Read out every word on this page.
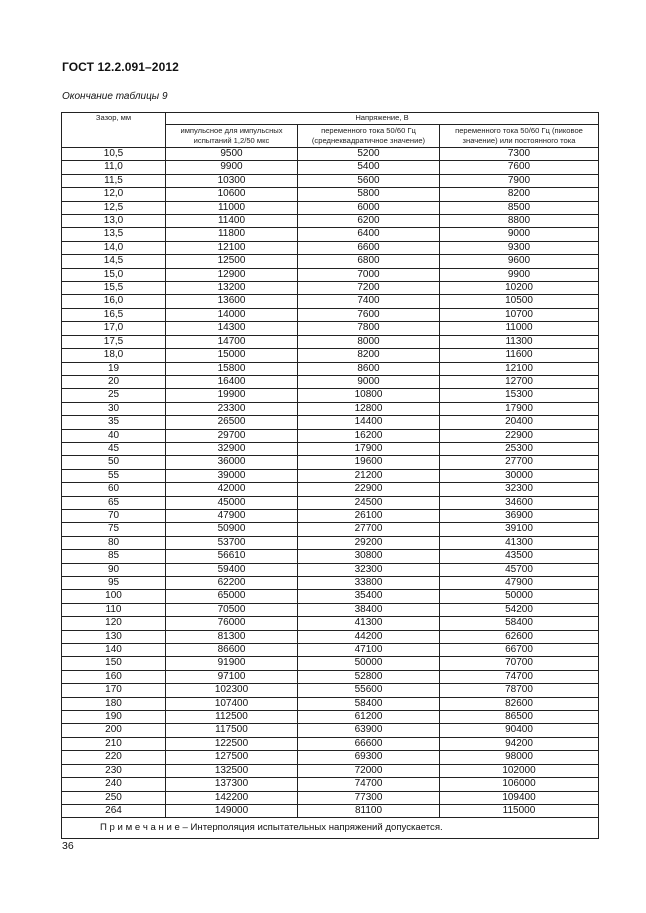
ГОСТ 12.2.091–2012
Окончание таблицы 9
Зазор, мм	Напряжение, В		
	импульсное для импульсных испытаний 1,2/50 мкс	переменного тока 50/60 Гц (среднеквадратичное значение)	переменного тока 50/60 Гц (пиковое значение) или постоянного тока
10,5	9500	5200	7300
11,0	9900	5400	7600
11,5	10300	5600	7900
12,0	10600	5800	8200
12,5	11000	6000	8500
13,0	11400	6200	8800
13,5	11800	6400	9000
14,0	12100	6600	9300
14,5	12500	6800	9600
15,0	12900	7000	9900
15,5	13200	7200	10200
16,0	13600	7400	10500
16,5	14000	7600	10700
17,0	14300	7800	11000
17,5	14700	8000	11300
18,0	15000	8200	11600
19	15800	8600	12100
20	16400	9000	12700
25	19900	10800	15300
30	23300	12800	17900
35	26500	14400	20400
40	29700	16200	22900
45	32900	17900	25300
50	36000	19600	27700
55	39000	21200	30000
60	42000	22900	32300
65	45000	24500	34600
70	47900	26100	36900
75	50900	27700	39100
80	53700	29200	41300
85	56610	30800	43500
90	59400	32300	45700
95	62200	33800	47900
100	65000	35400	50000
110	70500	38400	54200
120	76000	41300	58400
130	81300	44200	62600
140	86600	47100	66700
150	91900	50000	70700
160	97100	52800	74700
170	102300	55600	78700
180	107400	58400	82600
190	112500	61200	86500
200	117500	63900	90400
210	122500	66600	94200
220	127500	69300	98000
230	132500	72000	102000
240	137300	74700	106000
250	142200	77300	109400
264	149000	81100	115000
П р и м е ч а н и е – Интерполяция испытательных напряжений допускается.			
36
